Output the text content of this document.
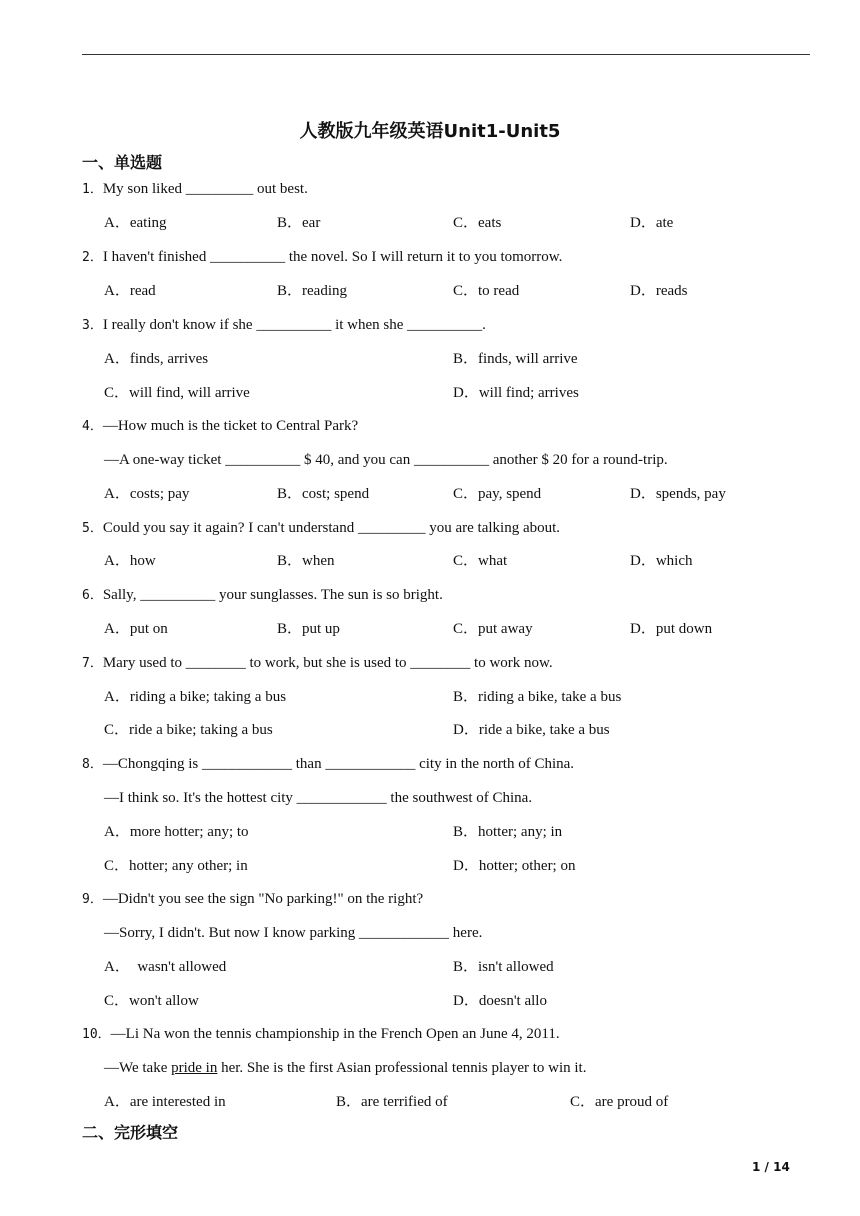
人教版九年级英语Unit1-Unit5
一、单选题
1．My son liked _________ out best.
A．eating	B．ear	C．eats	D．ate
2．I haven't finished __________ the novel. So I will return it to you tomorrow.
A．read	B．reading	C．to read	D．reads
3．I really don't know if she __________ it when she __________.
A．finds, arrives	B．finds, will arrive
C．will find, will arrive	D．will find; arrives
4．—How much is the ticket to Central Park?
—A one-way ticket __________ $ 40, and you can __________ another $ 20 for a round-trip.
A．costs; pay	B．cost; spend	C．pay, spend	D．spends, pay
5．Could you say it again? I can't understand _________ you are talking about.
A．how	B．when	C．what	D．which
6．Sally, __________ your sunglasses. The sun is so bright.
A．put on	B．put up	C．put away	D．put down
7．Mary used to ________ to work, but she is used to ________ to work now.
A．riding a bike; taking a bus	B．riding a bike, take a bus
C．ride a bike; taking a bus	D．ride a bike, take a bus
8．—Chongqing is ____________ than ____________ city in the north of China.
—I think so. It's the hottest city ____________ the southwest of China.
A．more hotter; any; to	B．hotter; any; in
C．hotter; any other; in	D．hotter; other; on
9．—Didn't you see the sign "No parking!" on the right?
—Sorry, I didn't. But now I know parking ____________ here.
A．  wasn't allowed	B．isn't allowed
C．won't allow	D．doesn't allo
10．—Li Na won the tennis championship in the French Open an June 4, 2011.
—We take pride in her. She is the first Asian professional tennis player to win it.
A．are interested in	B．are terrified of	C．are proud of
二、完形填空
1 / 14
